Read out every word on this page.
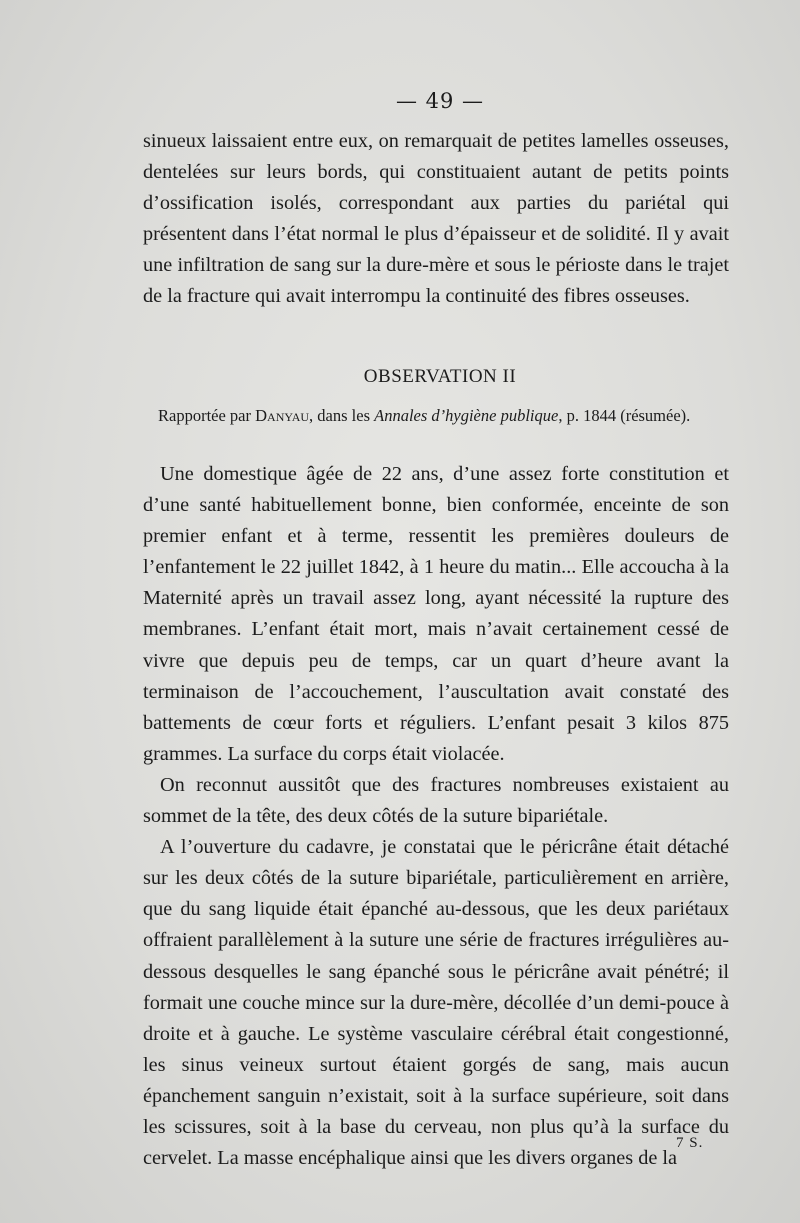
— 49 —

sinueux laissaient entre eux, on remarquait de petites lamelles osseuses, dentelées sur leurs bords, qui constituaient autant de petits points d’ossification isolés, correspondant aux parties du pariétal qui présentent dans l’état normal le plus d’épaisseur et de solidité. Il y avait une infiltration de sang sur la dure-mère et sous le périoste dans le trajet de la fracture qui avait interrompu la continuité des fibres osseuses.

OBSERVATION II
Rapportée par Danyau, dans les Annales d’hygiène publique, p. 1844 (résumée).

Une domestique âgée de 22 ans, d’une assez forte constitution et d’une santé habituellement bonne, bien conformée, enceinte de son premier enfant et à terme, ressentit les premières douleurs de l’enfantement le 22 juillet 1842, à 1 heure du matin... Elle accoucha à la Maternité après un travail assez long, ayant nécessité la rupture des membranes. L’enfant était mort, mais n’avait certainement cessé de vivre que depuis peu de temps, car un quart d’heure avant la terminaison de l’accouchement, l’auscultation avait constaté des battements de cœur forts et réguliers. L’enfant pesait 3 kilos 875 grammes. La surface du corps était violacée.

On reconnut aussitôt que des fractures nombreuses existaient au sommet de la tête, des deux côtés de la suture bipariétale.

A l’ouverture du cadavre, je constatai que le péricrâne était détaché sur les deux côtés de la suture bipariétale, particulièrement en arrière, que du sang liquide était épanché au-dessous, que les deux pariétaux offraient parallèlement à la suture une série de fractures irrégulières au-dessous desquelles le sang épanché sous le péricrâne avait pénétré; il formait une couche mince sur la dure-mère, décollée d’un demi-pouce à droite et à gauche. Le système vasculaire cérébral était congestionné, les sinus veineux surtout étaient gorgés de sang, mais aucun épanchement sanguin n’existait, soit à la surface supérieure, soit dans les scissures, soit à la base du cerveau, non plus qu’à la surface du cervelet. La masse encéphalique ainsi que les divers organes de la

7 S.
